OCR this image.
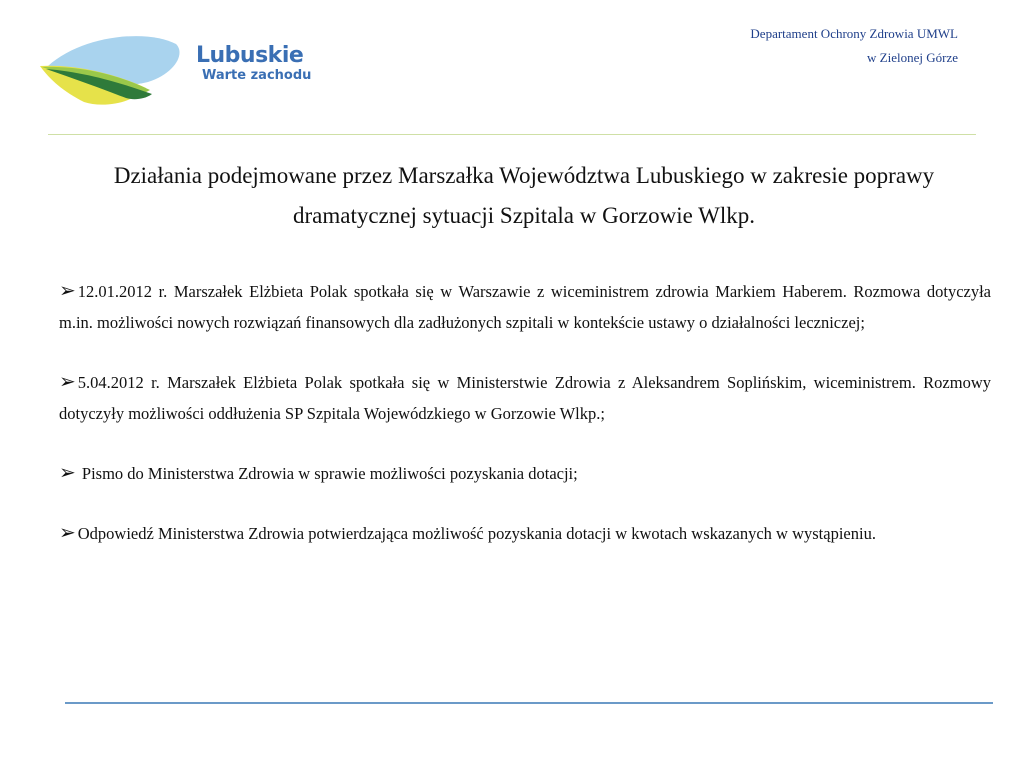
Lubuskie
Warte zachodu
Departament Ochrony Zdrowia UMWL
w Zielonej Górze
Działania podejmowane przez Marszałka Województwa Lubuskiego w zakresie poprawy
dramatycznej sytuacji Szpitala w Gorzowie Wlkp.

➢ 12.01.2012 r. Marszałek Elżbieta Polak spotkała się w Warszawie z wiceministrem zdrowia Markiem Haberem. Rozmowa dotyczyła m.in. możliwości nowych rozwiązań finansowych dla zadłużonych szpitali w kontekście ustawy o działalności leczniczej;

➢ 5.04.2012 r. Marszałek Elżbieta Polak spotkała się w Ministerstwie Zdrowia z Aleksandrem Soplińskim, wiceministrem. Rozmowy dotyczyły możliwości oddłużenia SP Szpitala Wojewódzkiego w Gorzowie Wlkp.;

➢ Pismo do Ministerstwa Zdrowia w sprawie możliwości pozyskania dotacji;

➢ Odpowiedź Ministerstwa Zdrowia potwierdzająca możliwość pozyskania dotacji w kwotach wskazanych w wystąpieniu.
